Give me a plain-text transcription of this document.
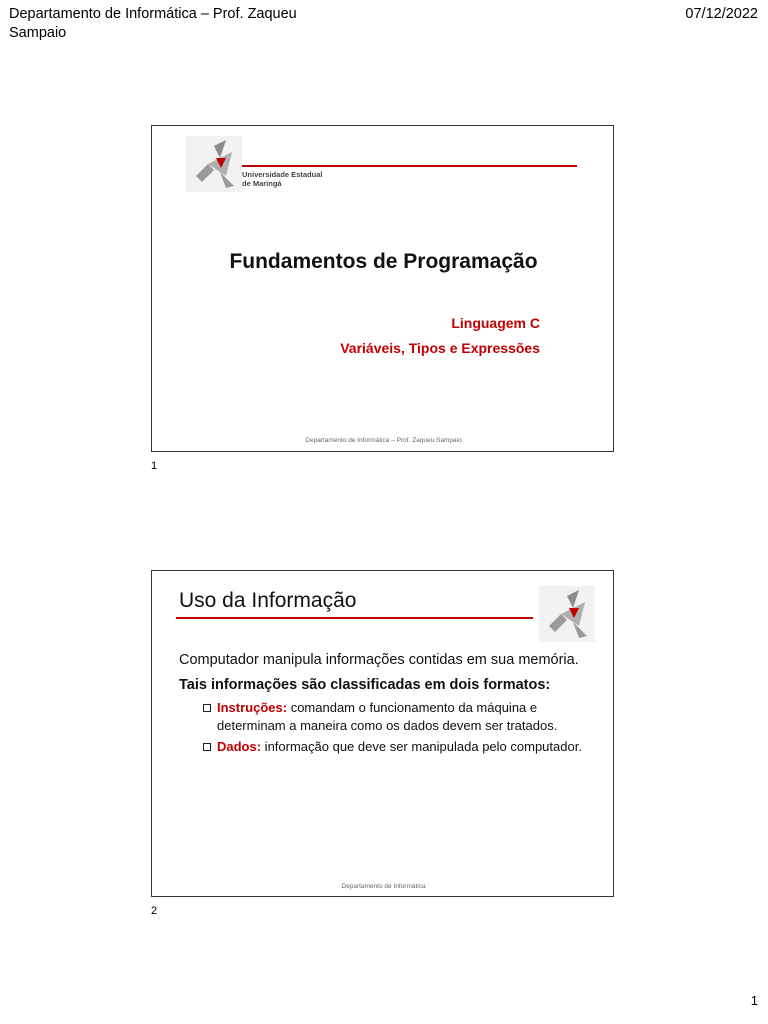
Departamento de Informática – Prof. Zaqueu Sampaio
07/12/2022
Universidade Estadual
de Maringá
Fundamentos de Programação
Linguagem C
Variáveis, Tipos e Expressões
Departamento de Informática – Prof. Zaqueu Sampaio
1
Uso da Informação

Computador manipula informações contidas em sua memória.

Tais informações são classificadas em dois formatos:

Instruções: comandam o funcionamento da máquina e determinam a maneira como os dados devem ser tratados.
Dados: informação que deve ser manipulada pelo computador.
Departamento de Informática
2
1
